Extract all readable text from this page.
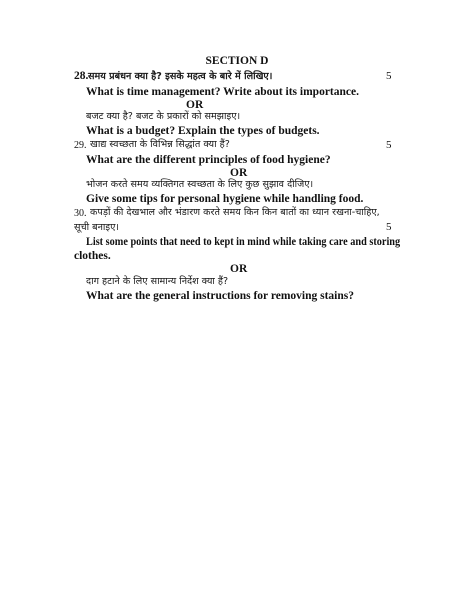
SECTION D
28. समय प्रबंधन क्या है? इसके महत्व के बारे में लिखिए।	5
What is time management? Write about its importance.
OR
बजट क्या है? बजट के प्रकारों को समझाइए।
What is a budget? Explain the types of budgets.
29. खाद्य स्वच्छता के विभिन्न सिद्धांत क्या हैं?	5
What are the different principles of food hygiene?
OR
भोजन करते समय व्यक्तिगत स्वच्छता के लिए कुछ सुझाव दीजिए।
Give some tips for personal hygiene while handling food.
30. कपड़ों की देखभाल और भंडारण करते समय किन किन बातों का ध्यान रखना-चाहिए,
सूची बनाइए।	5
List some points that need to kept in mind while taking care and storing
clothes.
OR
दाग हटाने के लिए सामान्य निर्देश क्या हैं?
What are the general instructions for removing stains?
